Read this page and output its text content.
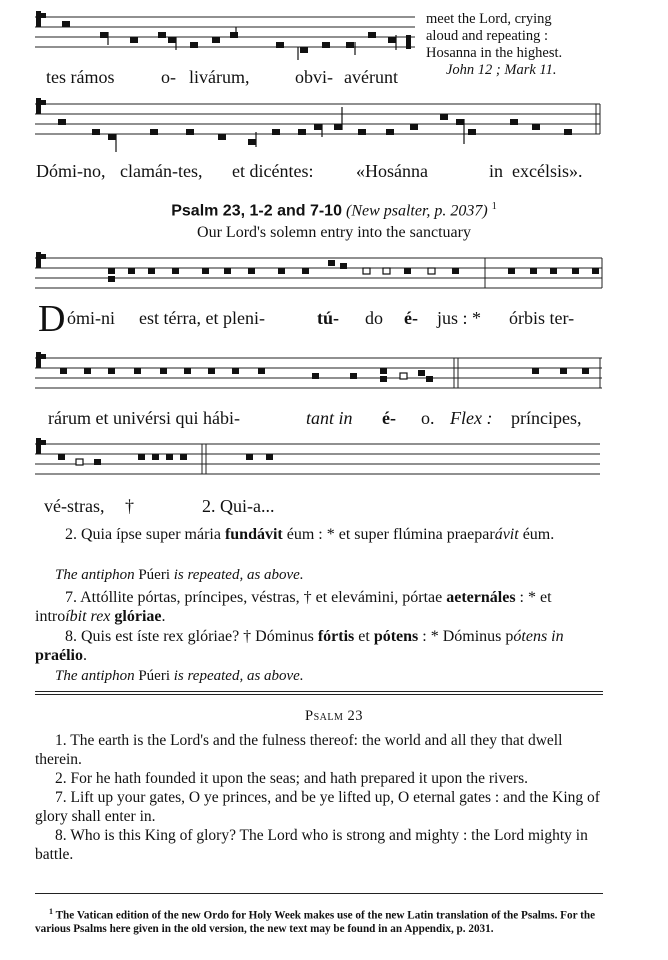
meet the Lord, crying
aloud and repeating :
Hosanna in the highest.
John 12 ; Mark 11.
tes rámos	o- livárum,	obvi- avérunt
Dómi-no, clamán-tes, et dicéntes: «Hosánna	in excélsis».
Psalm 23, 1-2 and 7-10 (New psalter, p. 2037) $^1$
Our Lord's solemn entry into the sanctuary
D ómi-ni est térra, et pleni-	tú- do é- jus : * órbis ter-
rárum et univérsi qui hábi-	tant in é- o. Flex : príncipes,
vé-stras, †	2. Qui-a...
2. Quia ípse super mária fundávit éum : * et super flúmina praeparávit éum.
The antiphon Púeri is repeated, as above.
7. Attóllite pórtas, príncipes, véstras, † et elevámini, pórtae aeternáles : * et introíbit rex glóriae.
8. Quis est íste rex glóriae? † Dóminus fórtis et pótens : * Dóminus pótens in praélio.
The antiphon Púeri is repeated, as above.
Psalm 23

1. The earth is the Lord's and the fulness thereof: the world and all they that dwell therein.

2. For he hath founded it upon the seas; and hath prepared it upon the rivers.

7. Lift up your gates, O ye princes, and be ye lifted up, O eternal gates : and the King of glory shall enter in.

8. Who is this King of glory? The Lord who is strong and mighty : the Lord mighty in battle.

$^1$ The Vatican edition of the new Ordo for Holy Week makes use of the new Latin translation of the Psalms. For the various Psalms here given in the old version, the new text may be found in an Appendix, p. 2031.
